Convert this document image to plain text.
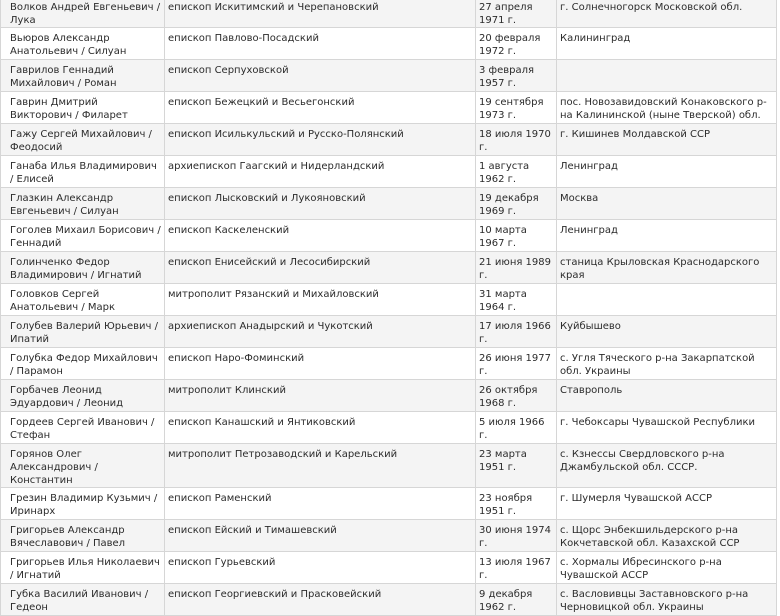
Волков Андрей Евгеньевич / Лука	епископ Искитимский и Черепановский	27 апреля 1971 г.	г. Солнечногорск Московской обл.
Вьюров Александр Анатольевич / Силуан	епископ Павлово-Посадский	20 февраля 1972 г.	Калининград
Гаврилов Геннадий Михайлович / Роман	епископ Серпуховской	3 февраля 1957 г.	
Гаврин Дмитрий Викторович / Филарет	епископ Бежецкий и Весьегонский	19 сентября 1973 г.	пос. Новозавидовский Конаковского р-на Калининской (ныне Тверской) обл.
Гажу Сергей Михайлович / Феодосий	епископ Исилькульский и Русско-Полянский	18 июля 1970 г.	г. Кишинев Молдавской ССР
Ганаба Илья Владимирович / Елисей	архиепископ Гаагский и Нидерландский	1 августа 1962 г.	Ленинград
Глазкин Александр Евгеньевич / Силуан	епископ Лысковский и Лукояновский	19 декабря 1969 г.	Москва
Гоголев Михаил Борисович / Геннадий	епископ Каскеленский	10 марта 1967 г.	Ленинград
Голинченко Федор Владимирович / Игнатий	епископ Енисейский и Лесосибирский	21 июня 1989 г.	станица Крыловская Краснодарского края
Головков Сергей Анатольевич / Марк	митрополит Рязанский и Михайловский	31 марта 1964 г.	
Голубев Валерий Юрьевич / Ипатий	архиепископ Анадырский и Чукотский	17 июля 1966 г.	Куйбышево
Голубка Федор Михайлович / Парамон	епископ Наро-Фоминский	26 июня 1977 г.	с. Угля Тяческого р-на Закарпатской обл. Украины
Горбачев Леонид Эдуардович / Леонид	митрополит Клинский	26 октября 1968 г.	Ставрополь
Гордеев Сергей Иванович / Стефан	епископ Канашский и Янтиковский	5 июля 1966 г.	г. Чебоксары Чувашской Республики
Горянов Олег Александрович / Константин	митрополит Петрозаводский и Карельский	23 марта 1951 г.	с. Кзнессы Свердловского р-на Джамбульской обл. СССР.
Грезин Владимир Кузьмич / Иринарх	епископ Раменский	23 ноября 1951 г.	г. Шумерля Чувашской АССР
Григорьев Александр Вячеславович / Павел	епископ Ейский и Тимашевский	30 июня 1974 г.	с. Щорс Энбекшильдерского р-на Кокчетавской обл. Казахской ССР
Григорьев Илья Николаевич / Игнатий	епископ Гурьевский	13 июля 1967 г.	с. Хормалы Ибресинского р-на Чувашской АССР
Губка Василий Иванович / Гедеон	епископ Георгиевский и Прасковейский	9 декабря 1962 г.	с. Васловивцы Заставновского р-на Черновицкой обл. Украины
